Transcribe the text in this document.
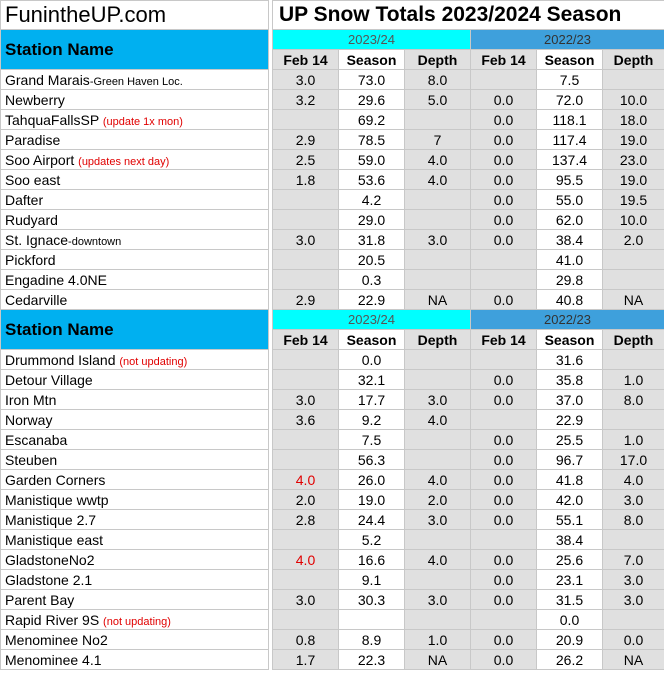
FunintheUP.com		UP Snow Totals 2023/2024 Season					
Station Name		2023/24			2022/23		
		Feb 14	Season	Depth	Feb 14	Season	Depth
Grand Marais-Green Haven Loc.		3.0	73.0	8.0		7.5	
Newberry		3.2	29.6	5.0	0.0	72.0	10.0
TahquaFallsSP (update 1x mon)			69.2		0.0	118.1	18.0
Paradise		2.9	78.5	7	0.0	117.4	19.0
Soo Airport (updates next day)		2.5	59.0	4.0	0.0	137.4	23.0
Soo east		1.8	53.6	4.0	0.0	95.5	19.0
Dafter			4.2		0.0	55.0	19.5
Rudyard			29.0		0.0	62.0	10.0
St. Ignace-downtown		3.0	31.8	3.0	0.0	38.4	2.0
Pickford			20.5			41.0	
Engadine 4.0NE			0.3			29.8	
Cedarville		2.9	22.9	NA	0.0	40.8	NA
Station Name		2023/24			2022/23		
		Feb 14	Season	Depth	Feb 14	Season	Depth
Drummond Island (not updating)			0.0			31.6	
Detour Village			32.1		0.0	35.8	1.0
Iron Mtn		3.0	17.7	3.0	0.0	37.0	8.0
Norway		3.6	9.2	4.0		22.9	
Escanaba			7.5		0.0	25.5	1.0
Steuben			56.3		0.0	96.7	17.0
Garden Corners		4.0	26.0	4.0	0.0	41.8	4.0
Manistique wwtp		2.0	19.0	2.0	0.0	42.0	3.0
Manistique 2.7		2.8	24.4	3.0	0.0	55.1	8.0
Manistique east			5.2			38.4	
GladstoneNo2		4.0	16.6	4.0	0.0	25.6	7.0
Gladstone 2.1			9.1		0.0	23.1	3.0
Parent Bay		3.0	30.3	3.0	0.0	31.5	3.0
Rapid River 9S (not updating)						0.0	
Menominee No2		0.8	8.9	1.0	0.0	20.9	0.0
Menominee 4.1		1.7	22.3	NA	0.0	26.2	NA
